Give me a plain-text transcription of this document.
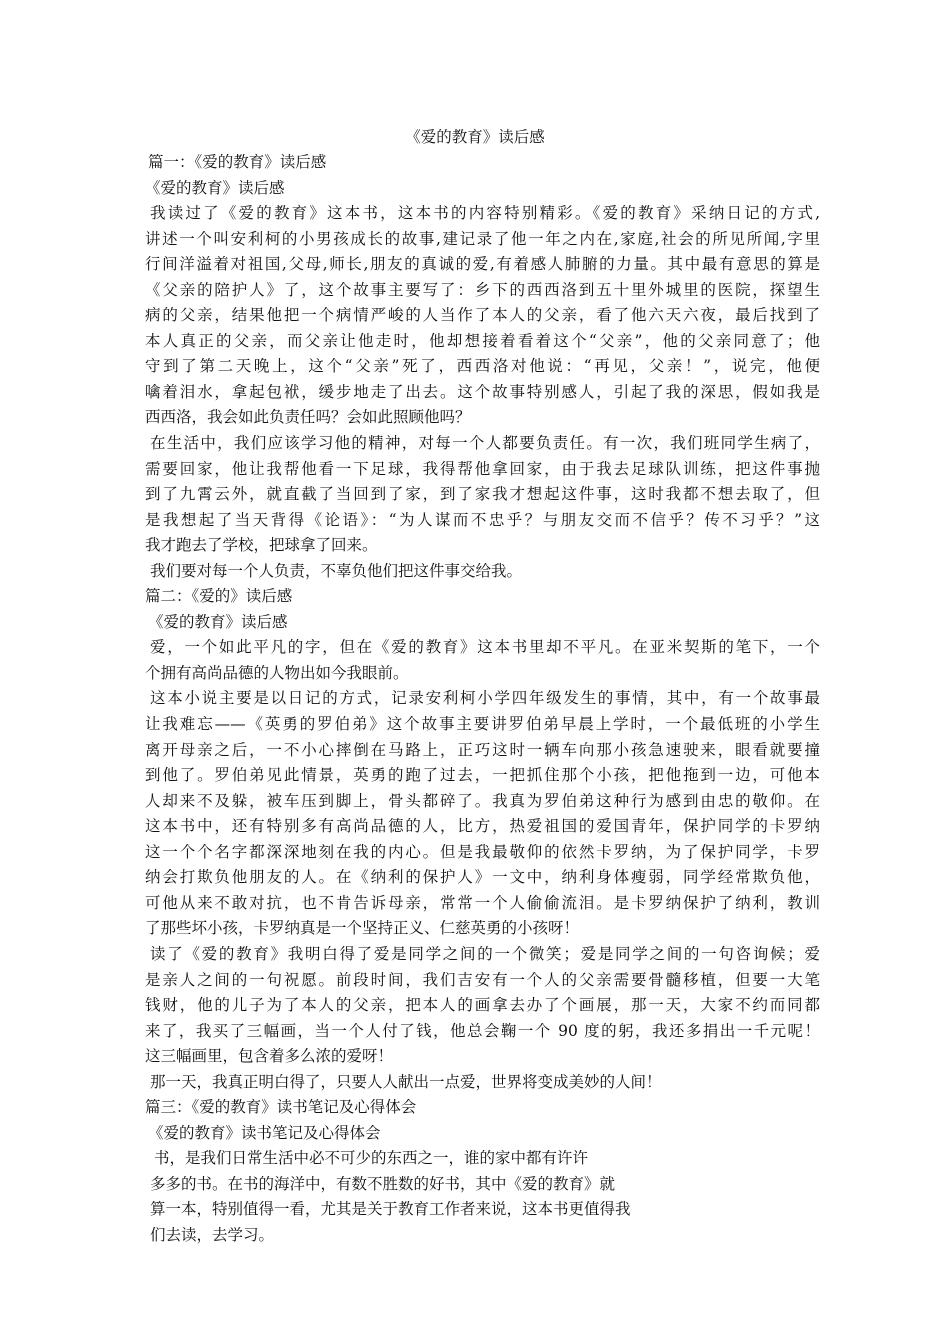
《爱的教育》读后感
篇一：《爱的教育》读后感
《爱的教育》读后感
我读过了《爱的教育》这本书，这本书的内容特别精彩。《爱的教育》采纳日记的方式,
讲述一个叫安利柯的小男孩成长的故事,建记录了他一年之内在,家庭,社会的所见所闻,字里
行间洋溢着对祖国,父母,师长,朋友的真诚的爱,有着感人肺腑的力量。其中最有意思的算是
《父亲的陪护人》了，这个故事主要写了：乡下的西西洛到五十里外城里的医院，探望生
病的父亲，结果他把一个病情严峻的人当作了本人的父亲，看了他六天六夜，最后找到了
本人真正的父亲，而父亲让他走时，他却想接着看着这个“父亲”，他的父亲同意了；他
守到了第二天晚上，这个“父亲”死了，西西洛对他说：“再见，父亲！”，说完，他便
噙着泪水，拿起包袱，缓步地走了出去。这个故事特别感人，引起了我的深思，假如我是
西西洛，我会如此负责任吗？会如此照顾他吗？
在生活中，我们应该学习他的精神，对每一个人都要负责任。有一次，我们班同学生病了，
需要回家，他让我帮他看一下足球，我得帮他拿回家，由于我去足球队训练，把这件事抛
到了九霄云外，就直截了当回到了家，到了家我才想起这件事，这时我都不想去取了，但
是我想起了当天背得《论语》：“为人谋而不忠乎？与朋友交而不信乎？传不习乎？”这
我才跑去了学校，把球拿了回来。
我们要对每一个人负责，不辜负他们把这件事交给我。
篇二：《爱的》读后感
《爱的教育》读后感
爱，一个如此平凡的字，但在《爱的教育》这本书里却不平凡。在亚米契斯的笔下，一个
个拥有高尚品德的人物出如今我眼前。
这本小说主要是以日记的方式，记录安利柯小学四年级发生的事情，其中，有一个故事最
让我难忘——《英勇的罗伯弟》这个故事主要讲罗伯弟早晨上学时，一个最低班的小学生
离开母亲之后，一不小心摔倒在马路上，正巧这时一辆车向那小孩急速驶来，眼看就要撞
到他了。罗伯弟见此情景，英勇的跑了过去，一把抓住那个小孩，把他拖到一边，可他本
人却来不及躲，被车压到脚上，骨头都碎了。我真为罗伯弟这种行为感到由忠的敬仰。在
这本书中，还有特别多有高尚品德的人，比方，热爱祖国的爱国青年，保护同学的卡罗纳
这一个个名字都深深地刻在我的内心。但是我最敬仰的依然卡罗纳，为了保护同学，卡罗
纳会打欺负他朋友的人。在《纳利的保护人》一文中，纳利身体瘦弱，同学经常欺负他，
可他从来不敢对抗，也不肯告诉母亲，常常一个人偷偷流泪。是卡罗纳保护了纳利，教训
了那些坏小孩，卡罗纳真是一个坚持正义、仁慈英勇的小孩呀！
读了《爱的教育》我明白得了爱是同学之间的一个微笑；爱是同学之间的一句咨询候；爱
是亲人之间的一句祝愿。前段时间，我们吉安有一个人的父亲需要骨髓移植，但要一大笔
钱财，他的儿子为了本人的父亲，把本人的画拿去办了个画展，那一天，大家不约而同都
来了，我买了三幅画，当一个人付了钱，他总会鞠一个 90 度的躬，我还多捐出一千元呢！
这三幅画里，包含着多么浓的爱呀！
那一天，我真正明白得了，只要人人献出一点爱，世界将变成美妙的人间！
篇三：《爱的教育》读书笔记及心得体会
《爱的教育》读书笔记及心得体会
书，是我们日常生活中必不可少的东西之一，谁的家中都有许许
多多的书。在书的海洋中，有数不胜数的好书，其中《爱的教育》就
算一本，特别值得一看，尤其是关于教育工作者来说，这本书更值得我
们去读，去学习。
